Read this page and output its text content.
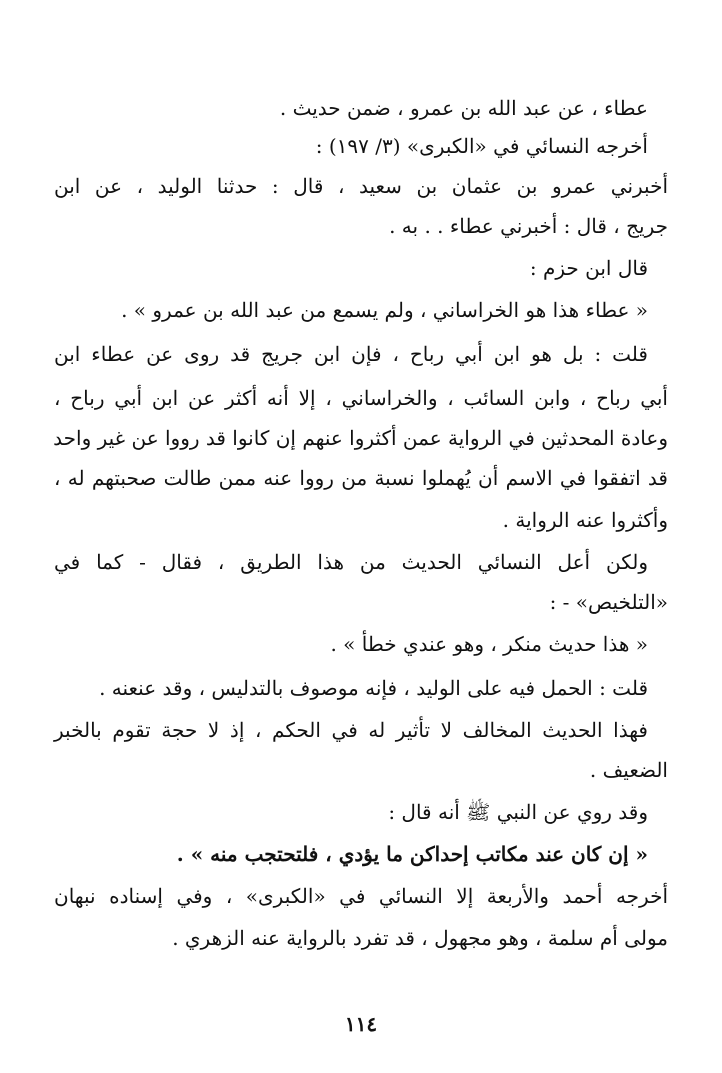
عطاء ، عن عبد الله بن عمرو ، ضمن حديث .
أخرجه النسائي في «الكبرى» (٣/ ١٩٧) :
أخبرني عمرو بن عثمان بن سعيد ، قال : حدثنا الوليد ، عن ابن
جريج ، قال : أخبرني عطاء . . به .
قال ابن حزم :
« عطاء هذا هو الخراساني ، ولم يسمع من عبد الله بن عمرو » .
قلت : بل هو ابن أبي رباح ، فإن ابن جريج قد روى عن عطاء ابن
أبي رباح ، وابن السائب ، والخراساني ، إلا أنه أكثر عن ابن أبي رباح ،
وعادة المحدثين في الرواية عمن أكثروا عنهم إن كانوا قد رووا عن غير واحد
قد اتفقوا في الاسم أن يُهملوا نسبة من رووا عنه ممن طالت صحبتهم له ،
وأكثروا عنه الرواية .
ولكن أعل النسائي الحديث من هذا الطريق ، فقال - كما في
«التلخيص» - :
« هذا حديث منكر ، وهو عندي خطأ » .
قلت : الحمل فيه على الوليد ، فإنه موصوف بالتدليس ، وقد عنعنه .
فهذا الحديث المخالف لا تأثير له في الحكم ، إذ لا حجة تقوم بالخبر
الضعيف .
وقد روي عن النبي ﷺ أنه قال :
« إن كان عند مكاتب إحداكن ما يؤدي ، فلتحتجب منه » .
أخرجه أحمد والأربعة إلا النسائي في «الكبرى» ، وفي إسناده نبهان
مولى أم سلمة ، وهو مجهول ، قد تفرد بالرواية عنه الزهري .
١١٤
